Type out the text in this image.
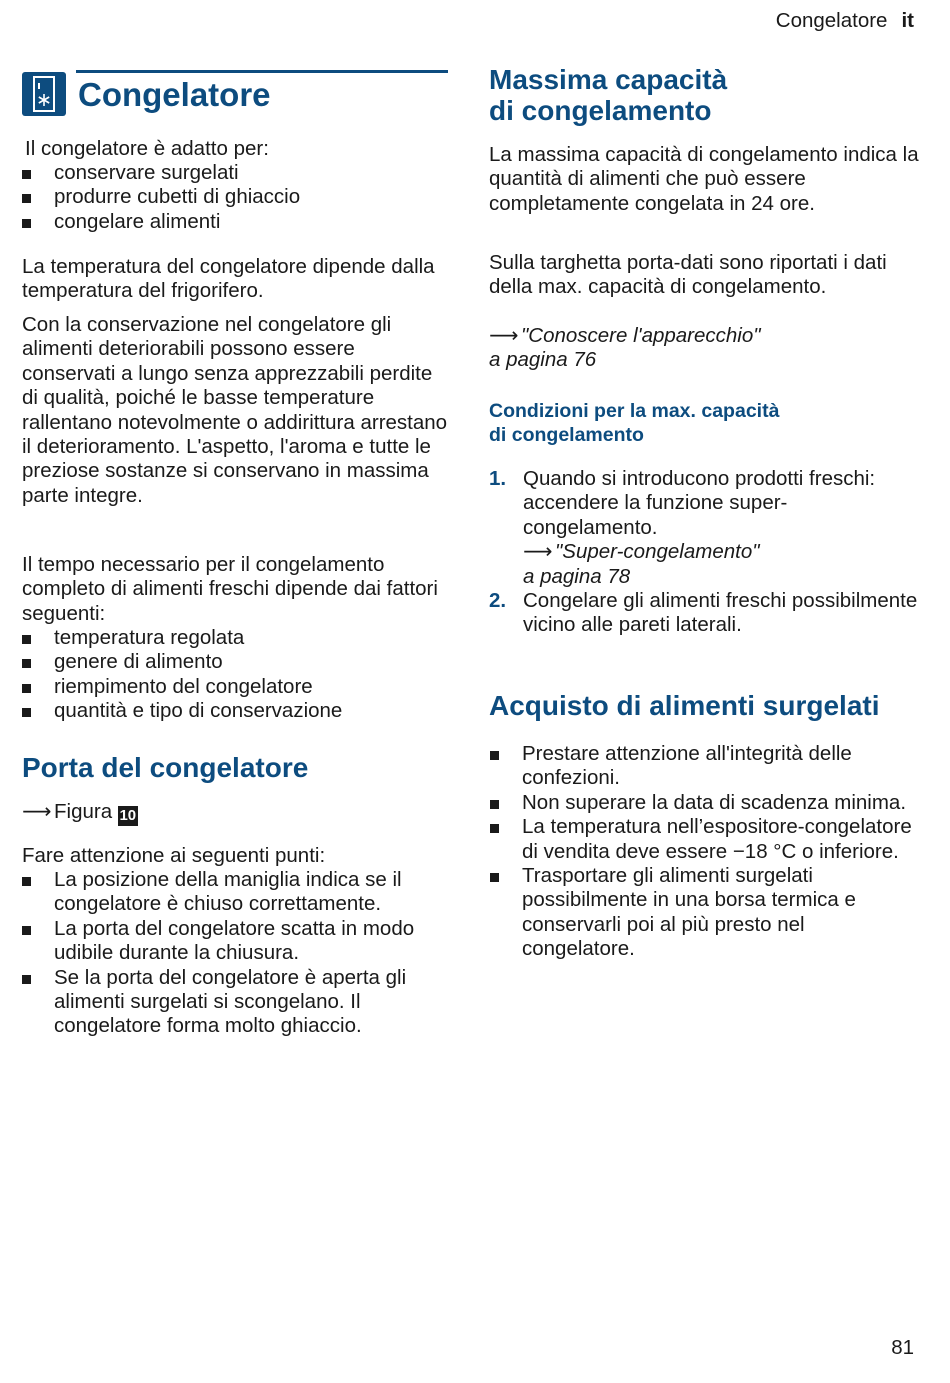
Congelatore it
Congelatore

Il congelatore è adatto per:

conservare surgelati
produrre cubetti di ghiaccio
congelare alimenti

La temperatura del congelatore dipende dalla temperatura del frigorifero.

Con la conservazione nel congelatore gli alimenti deteriorabili possono essere conservati a lungo senza apprezzabili perdite di qualità, poiché le basse temperature rallentano notevolmente o addirittura arrestano il deterioramento. L'aspetto, l'aroma e tutte le preziose sostanze si conservano in massima parte integre.

Il tempo necessario per il congelamento completo di alimenti freschi dipende dai fattori seguenti:

temperatura regolata
genere di alimento
riempimento del congelatore
quantità e tipo di conservazione
Porta del congelatore
⟶ Figura 10

Fare attenzione ai seguenti punti:

La posizione della maniglia indica se il congelatore è chiuso correttamente.
La porta del congelatore scatta in modo udibile durante la chiusura.
Se la porta del congelatore è aperta gli alimenti surgelati si scongelano. Il congelatore forma molto ghiaccio.
Massima capacità
di congelamento

La massima capacità di congelamento indica la quantità di alimenti che può essere completamente congelata in 24 ore.

Sulla targhetta porta-dati sono riportati i dati della max. capacità di congelamento.

⟶ "Conoscere l'apparecchio"
a pagina 76
Condizioni per la max. capacità
di congelamento
1. Quando si introducono prodotti freschi: accendere la funzione super-congelamento.
⟶ "Super-congelamento"
a pagina 78
2. Congelare gli alimenti freschi possibilmente vicino alle pareti laterali.
Acquisto di alimenti surgelati
Prestare attenzione all'integrità delle confezioni.
Non superare la data di scadenza minima.
La temperatura nell’espositore-congelatore di vendita deve essere −18 °C o inferiore.
Trasportare gli alimenti surgelati possibilmente in una borsa termica e conservarli poi al più presto nel congelatore.
81
